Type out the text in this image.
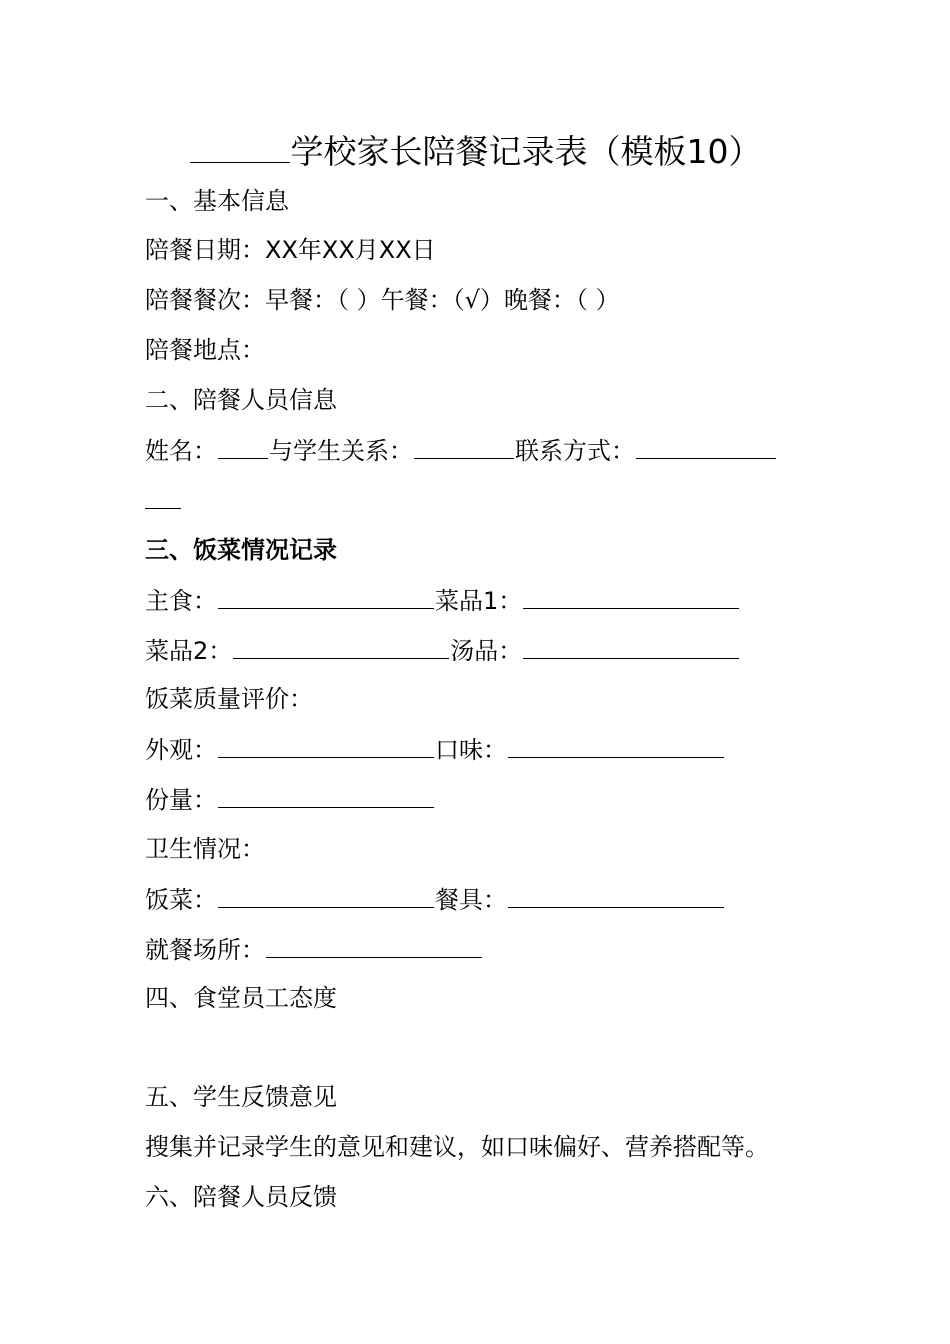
学校家长陪餐记录表（模板10）
一、基本信息
陪餐日期：XX年XX月XX日
陪餐餐次：早餐：（ ）午餐：（√）晚餐：（ ）
陪餐地点：
二、陪餐人员信息
姓名： 与学生关系：	联系方式：
三、饭菜情况记录
主食：	菜品1：
菜品2：	汤品：
饭菜质量评价：
外观：	口味：
份量：
卫生情况：
饭菜：	餐具：
就餐场所：
四、食堂员工态度
五、学生反馈意见
搜集并记录学生的意见和建议，如口味偏好、营养搭配等。
六、陪餐人员反馈
